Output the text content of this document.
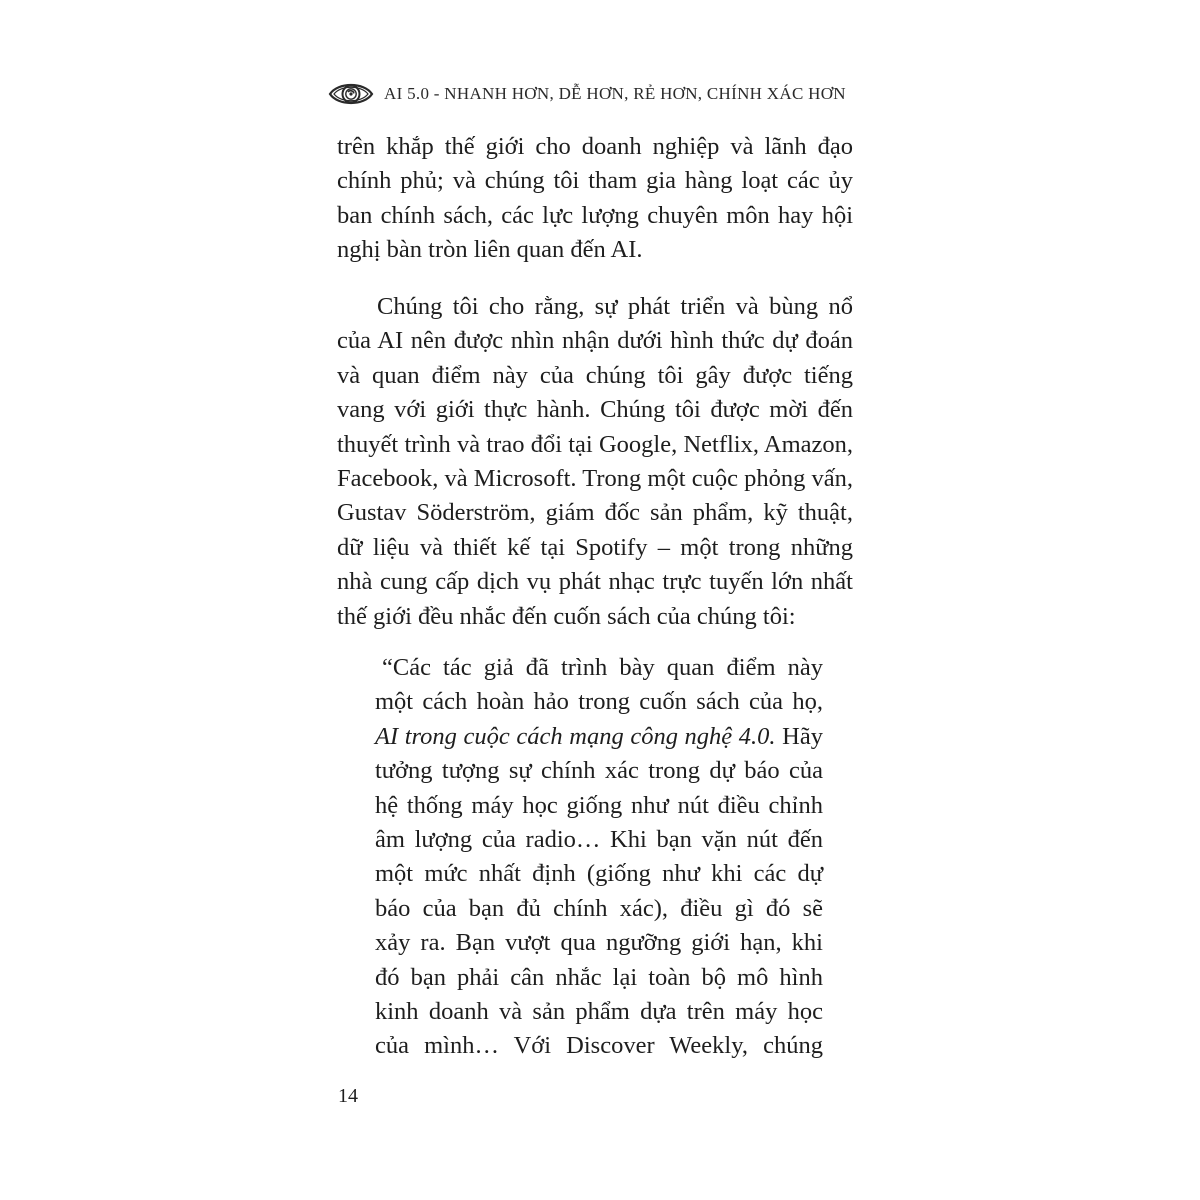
AI 5.0 - NHANH HƠN, DỄ HƠN, RẺ HƠN, CHÍNH XÁC HƠN
trên khắp thế giới cho doanh nghiệp và lãnh đạo
chính phủ; và chúng tôi tham gia hàng loạt các ủy
ban chính sách, các lực lượng chuyên môn hay hội
nghị bàn tròn liên quan đến AI.
Chúng tôi cho rằng, sự phát triển và bùng nổ
của AI nên được nhìn nhận dưới hình thức dự đoán
và quan điểm này của chúng tôi gây được tiếng
vang với giới thực hành. Chúng tôi được mời đến
thuyết trình và trao đổi tại Google, Netflix, Amazon,
Facebook, và Microsoft. Trong một cuộc phỏng vấn,
Gustav Söderström, giám đốc sản phẩm, kỹ thuật,
dữ liệu và thiết kế tại Spotify – một trong những
nhà cung cấp dịch vụ phát nhạc trực tuyến lớn nhất
thế giới đều nhắc đến cuốn sách của chúng tôi:
“Các tác giả đã trình bày quan điểm này
một cách hoàn hảo trong cuốn sách của họ,
AI trong cuộc cách mạng công nghệ 4.0. Hãy
tưởng tượng sự chính xác trong dự báo của
hệ thống máy học giống như nút điều chỉnh
âm lượng của radio… Khi bạn vặn nút đến
một mức nhất định (giống như khi các dự
báo của bạn đủ chính xác), điều gì đó sẽ
xảy ra. Bạn vượt qua ngưỡng giới hạn, khi
đó bạn phải cân nhắc lại toàn bộ mô hình
kinh doanh và sản phẩm dựa trên máy học
của mình… Với Discover Weekly, chúng
14
